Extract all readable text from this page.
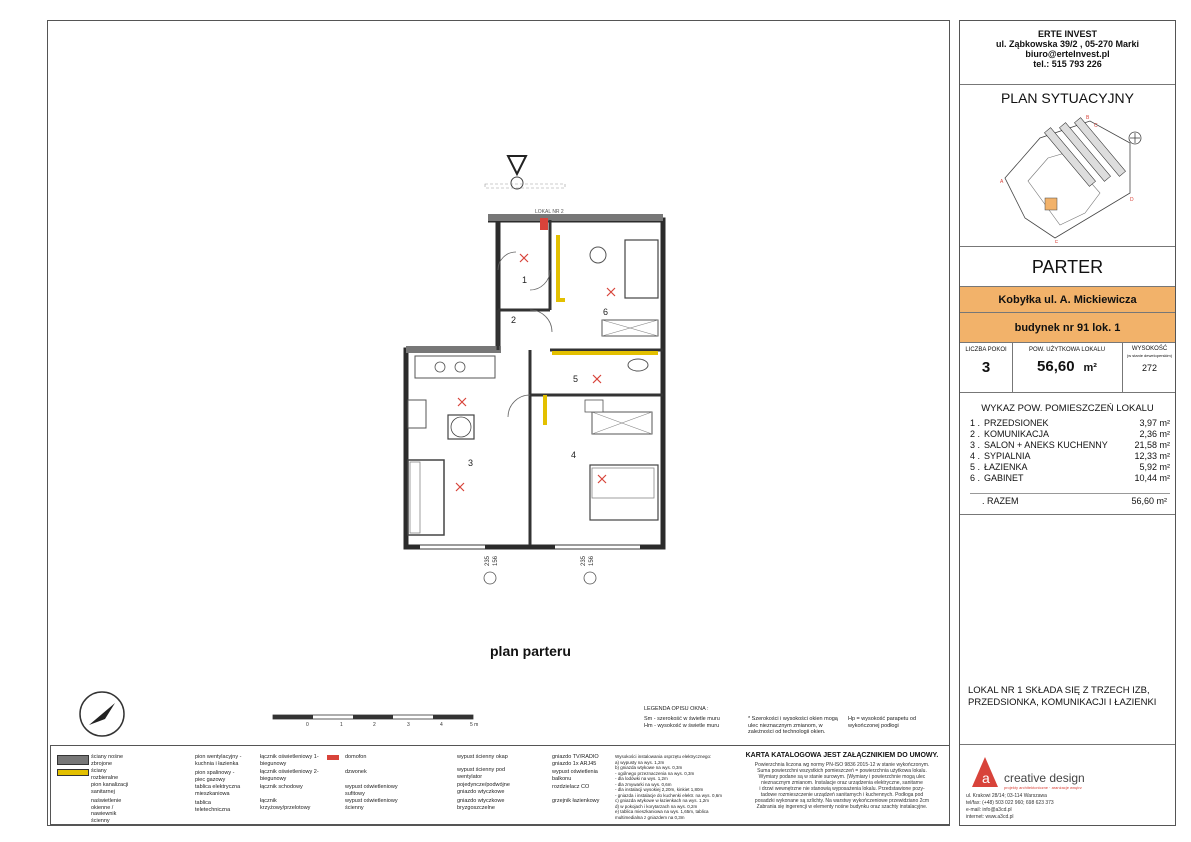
1
2
3
4
5
6
LOKAL NR 2
235 156	235 156
plan parteru
N
0	1	2	3	4	5 m
LEGENDA OPISU OKNA :
Sm - szerokość w świetle muru
Hm - wysokość w świetle muru
* Szerokości i wysokości okien mogą ulec nieznacznym zmianom, w zależności od technologii okien.
Hp = wysokość parapetu od wykończonej podłogi
ściany nośne zbrojone
ściany rozbieralne
pion kanalizacji sanitarnej
naświetlenie okienne / nawiewnik ścienny
pion wentylacyjny - kuchnia i łazienka
pion spalinowy - piec gazowy
tablica elektryczna mieszkaniowa
tablica teletechniczna
łącznik oświetleniowy 1-biegunowy
łącznik oświetleniowy 2-biegunowy
łącznik schodowy
łącznik krzyżowy/przelotowy
domofon
dzwonek
wypust oświetleniowy sufitowy
wypust oświetleniowy ścienny
wypust ścienny okap
wypust ścienny pod wentylator
pojedyncze/podwójne gniazdo wtyczkowe
gniazdo wtyczkowe bryzgoszczelne
gniazdo TV/RADIO gniazdo 1x ARJ45
wypust oświetlenia balkonu
rozdzielacz CO
grzejnik łazienkowy
Wysokości instalowania osprzętu elektrycznego:
a) wypusty na wys. 1,2m
b) gniazda wtykowe na wys. 0,3m
- ogólnego przeznaczenia na wys. 0,3m
- dla lodówki na wys. 1,2m
- dla zmywarki na wys. 0,6m
- dla instalacji wysokiej 2,20m, kinkiet 1,80m
- gniazda i instalacje do kuchenki elektr. na wys. 0,6m
c) gniazda wtykowe w łazienkach na wys. 1,2m
d) w pokojach i korytarzach na wys. 0,2m
e) tablica mieszkaniowa na wys. 1,65m, tablica multimedialna z gniazdem na 0,3m
KARTA KATALOGOWA JEST ZAŁĄCZNIKIEM DO UMOWY.
Powierzchnia liczona wg normy PN-ISO 9836 2015-12 w stanie wykończonym.
Suma powierzchni wszystkich pomieszczeń = powierzchnia użytkowa lokalu.
Wymiary podane są w stanie surowym. (Wymiary i powierzchnie mogą ulec
nieznacznym zmianom. Instalacje oraz urządzenia elektryczne, sanitarne
i drzwi wewnętrzne nie stanowią wyposażenia lokalu. Przedstawione pozy-
tadowe rozmieszczenie urządzeń sanitarnych i kuchennych. Podłoga pod
posadzki wykonane są szlichty. Na warstwy wykończeniowe przewidziano 2cm
Zabrania się ingerencji w elementy nośne budynku oraz szachty instalacyjne.
ERTE INVEST
ul. Ząbkowska 39/2 , 05-270 Marki
biuro@ertelnvest.pl
tel.: 515 793 226
PLAN SYTUACYJNY
A
B
C
D
E
PARTER
Kobyłka ul. A. Mickiewicza
budynek nr 91 lok. 1
LICZBA POKOI
3
POW. UŻYTKOWA LOKALU
56,60 m²
WYSOKOŚĆ
(w stanie deweloperskim)
272
WYKAZ POW. POMIESZCZEŃ LOKALU
1 . PRZEDSIONEK	3,97 m²
2 . KOMUNIKACJA	2,36 m²
3 . SALON + ANEKS KUCHENNY	21,58 m²
4 . SYPIALNIA	12,33 m²
5 . ŁAZIENKA	5,92 m²
6 . GABINET	10,44 m²
. RAZEM	56,60 m²
LOKAL NR 1 SKŁADA SIĘ Z TRZECH IZB, PRZEDSIONKA, KOMUNIKACJI I ŁAZIENKI
a creative design
projekty architektoniczne · aranżacje wnętrz
ul. Krakowi 28/14; 03-114 Warszawa
tel/fax: (+48) 503 022 960; 698 623 373
e-mail: info@a3cd.pl
internet: www.a3cd.pl
